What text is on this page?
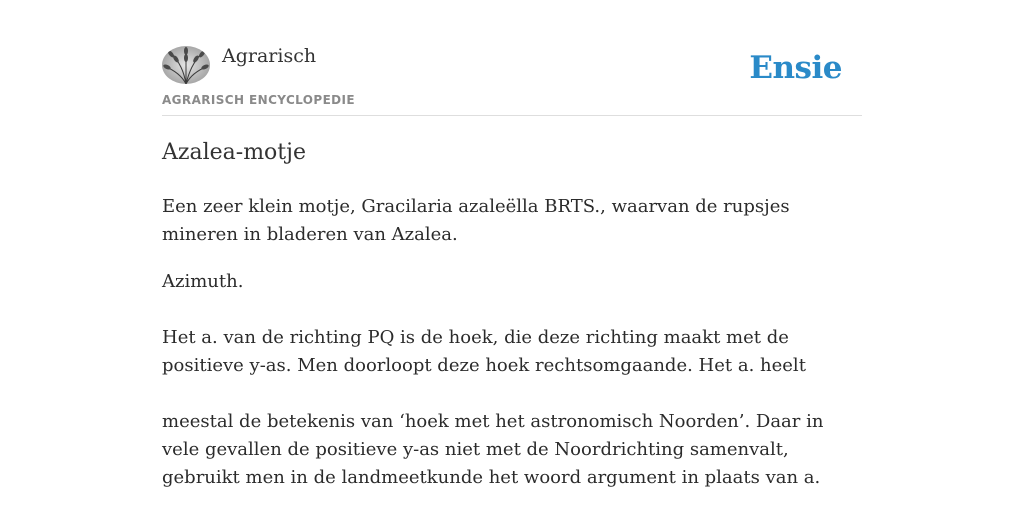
Agrarisch
AGRARISCH ENCYCLOPEDIE
Ensie
Azalea-motje

Een zeer klein motje, Gracilaria azaleëlla BRTS., waarvan de rupsjes mineren in bladeren van Azalea.

Azimuth.

Het a. van de richting PQ is de hoek, die deze richting maakt met de positieve y-as. Men doorloopt deze hoek rechtsomgaande. Het a. heelt

meestal de betekenis van ‘hoek met het astronomisch Noorden’. Daar in vele gevallen de positieve y-as niet met de Noordrichting samenvalt, gebruikt men in de landmeetkunde het woord argument in plaats van a.
